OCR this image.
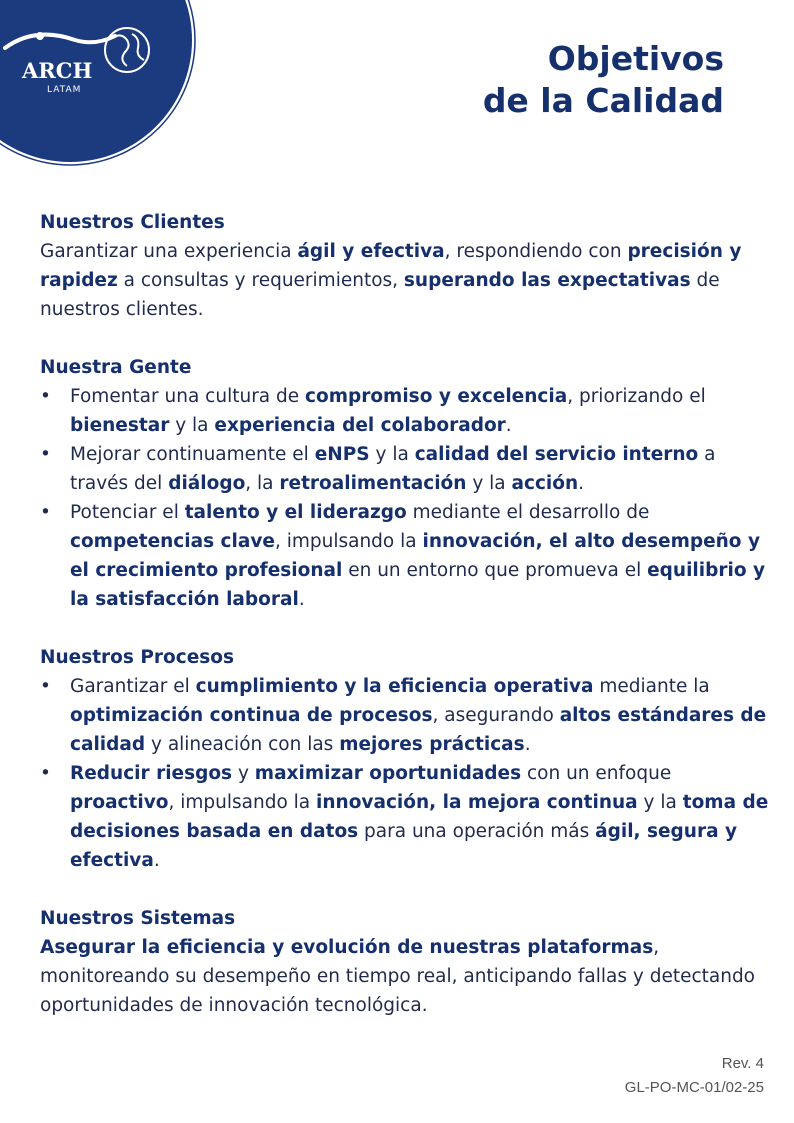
ARCH
LATAM
Objetivos
de la Calidad
Nuestros Clientes
Garantizar una experiencia ágil y efectiva, respondiendo con precisión y rapidez a consultas y requerimientos, superando las expectativas de nuestros clientes.
Nuestra Gente
• Fomentar una cultura de compromiso y excelencia, priorizando el bienestar y la experiencia del colaborador.
• Mejorar continuamente el eNPS y la calidad del servicio interno a través del diálogo, la retroalimentación y la acción.
• Potenciar el talento y el liderazgo mediante el desarrollo de competencias clave, impulsando la innovación, el alto desempeño y el crecimiento profesional en un entorno que promueva el equilibrio y la satisfacción laboral.
Nuestros Procesos
• Garantizar el cumplimiento y la eficiencia operativa mediante la optimización continua de procesos, asegurando altos estándares de calidad y alineación con las mejores prácticas.
• Reducir riesgos y maximizar oportunidades con un enfoque proactivo, impulsando la innovación, la mejora continua y la toma de decisiones basada en datos para una operación más ágil, segura y efectiva.
Nuestros Sistemas
Asegurar la eficiencia y evolución de nuestras plataformas, monitoreando su desempeño en tiempo real, anticipando fallas y detectando oportunidades de innovación tecnológica.
Rev. 4
GL-PO-MC-01/02-25
